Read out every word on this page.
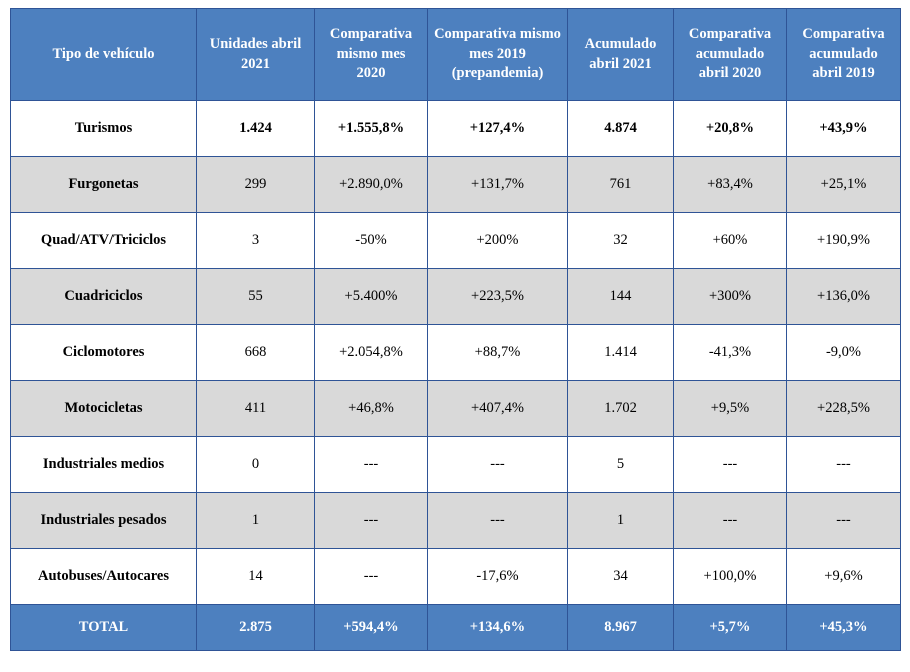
Tipo de vehículo	Unidades abril 2021	Comparativa mismo mes 2020	Comparativa mismo mes 2019 (prepandemia)	Acumulado abril 2021	Comparativa acumulado abril 2020	Comparativa acumulado abril 2019
Turismos	1.424	+1.555,8%	+127,4%	4.874	+20,8%	+43,9%
Furgonetas	299	+2.890,0%	+131,7%	761	+83,4%	+25,1%
Quad/ATV/Triciclos	3	-50%	+200%	32	+60%	+190,9%
Cuadriciclos	55	+5.400%	+223,5%	144	+300%	+136,0%
Ciclomotores	668	+2.054,8%	+88,7%	1.414	-41,3%	-9,0%
Motocicletas	411	+46,8%	+407,4%	1.702	+9,5%	+228,5%
Industriales medios	0	---	---	5	---	---
Industriales pesados	1	---	---	1	---	---
Autobuses/Autocares	14	---	-17,6%	34	+100,0%	+9,6%
TOTAL	2.875	+594,4%	+134,6%	8.967	+5,7%	+45,3%
